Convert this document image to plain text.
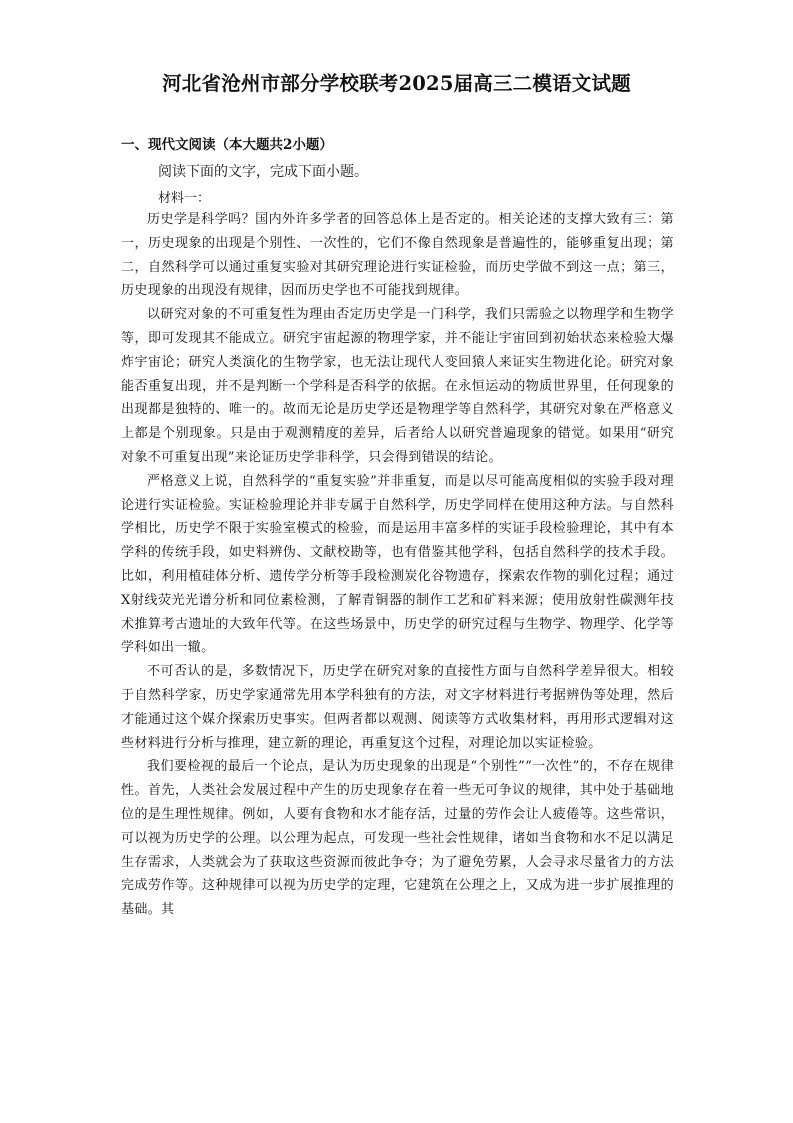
河北省沧州市部分学校联考2025届高三二模语文试题
一、现代文阅读（本大题共2小题）
阅读下面的文字，完成下面小题。
材料一：

历史学是科学吗？国内外许多学者的回答总体上是否定的。相关论述的支撑大致有三：第一，历史现象的出现是个别性、一次性的，它们不像自然现象是普遍性的，能够重复出现；第二，自然科学可以通过重复实验对其研究理论进行实证检验，而历史学做不到这一点；第三，历史现象的出现没有规律，因而历史学也不可能找到规律。

以研究对象的不可重复性为理由否定历史学是一门科学，我们只需验之以物理学和生物学等，即可发现其不能成立。研究宇宙起源的物理学家，并不能让宇宙回到初始状态来检验大爆炸宇宙论；研究人类演化的生物学家，也无法让现代人变回猿人来证实生物进化论。研究对象能否重复出现，并不是判断一个学科是否科学的依据。在永恒运动的物质世界里，任何现象的出现都是独特的、唯一的。故而无论是历史学还是物理学等自然科学，其研究对象在严格意义上都是个别现象。只是由于观测精度的差异，后者给人以研究普遍现象的错觉。如果用“研究对象不可重复出现”来论证历史学非科学，只会得到错误的结论。

严格意义上说，自然科学的“重复实验”并非重复，而是以尽可能高度相似的实验手段对理论进行实证检验。实证检验理论并非专属于自然科学，历史学同样在使用这种方法。与自然科学相比，历史学不限于实验室模式的检验，而是运用丰富多样的实证手段检验理论，其中有本学科的传统手段，如史料辨伪、文献校勘等，也有借鉴其他学科，包括自然科学的技术手段。比如，利用植硅体分析、遗传学分析等手段检测炭化谷物遗存，探索农作物的驯化过程；通过X射线荧光光谱分析和同位素检测，了解青铜器的制作工艺和矿料来源；使用放射性碳测年技术推算考古遗址的大致年代等。在这些场景中，历史学的研究过程与生物学、物理学、化学等学科如出一辙。

不可否认的是，多数情况下，历史学在研究对象的直接性方面与自然科学差异很大。相较于自然科学家，历史学家通常先用本学科独有的方法，对文字材料进行考据辨伪等处理，然后才能通过这个媒介探索历史事实。但两者都以观测、阅读等方式收集材料，再用形式逻辑对这些材料进行分析与推理，建立新的理论，再重复这个过程，对理论加以实证检验。

我们要检视的最后一个论点，是认为历史现象的出现是“个别性”“一次性”的，不存在规律性。首先，人类社会发展过程中产生的历史现象存在着一些无可争议的规律，其中处于基础地位的是生理性规律。例如，人要有食物和水才能存活，过量的劳作会让人疲倦等。这些常识，可以视为历史学的公理。以公理为起点，可发现一些社会性规律，诸如当食物和水不足以满足生存需求，人类就会为了获取这些资源而彼此争夺；为了避免劳累，人会寻求尽量省力的方法完成劳作等。这种规律可以视为历史学的定理，它建筑在公理之上，又成为进一步扩展推理的基础。其
